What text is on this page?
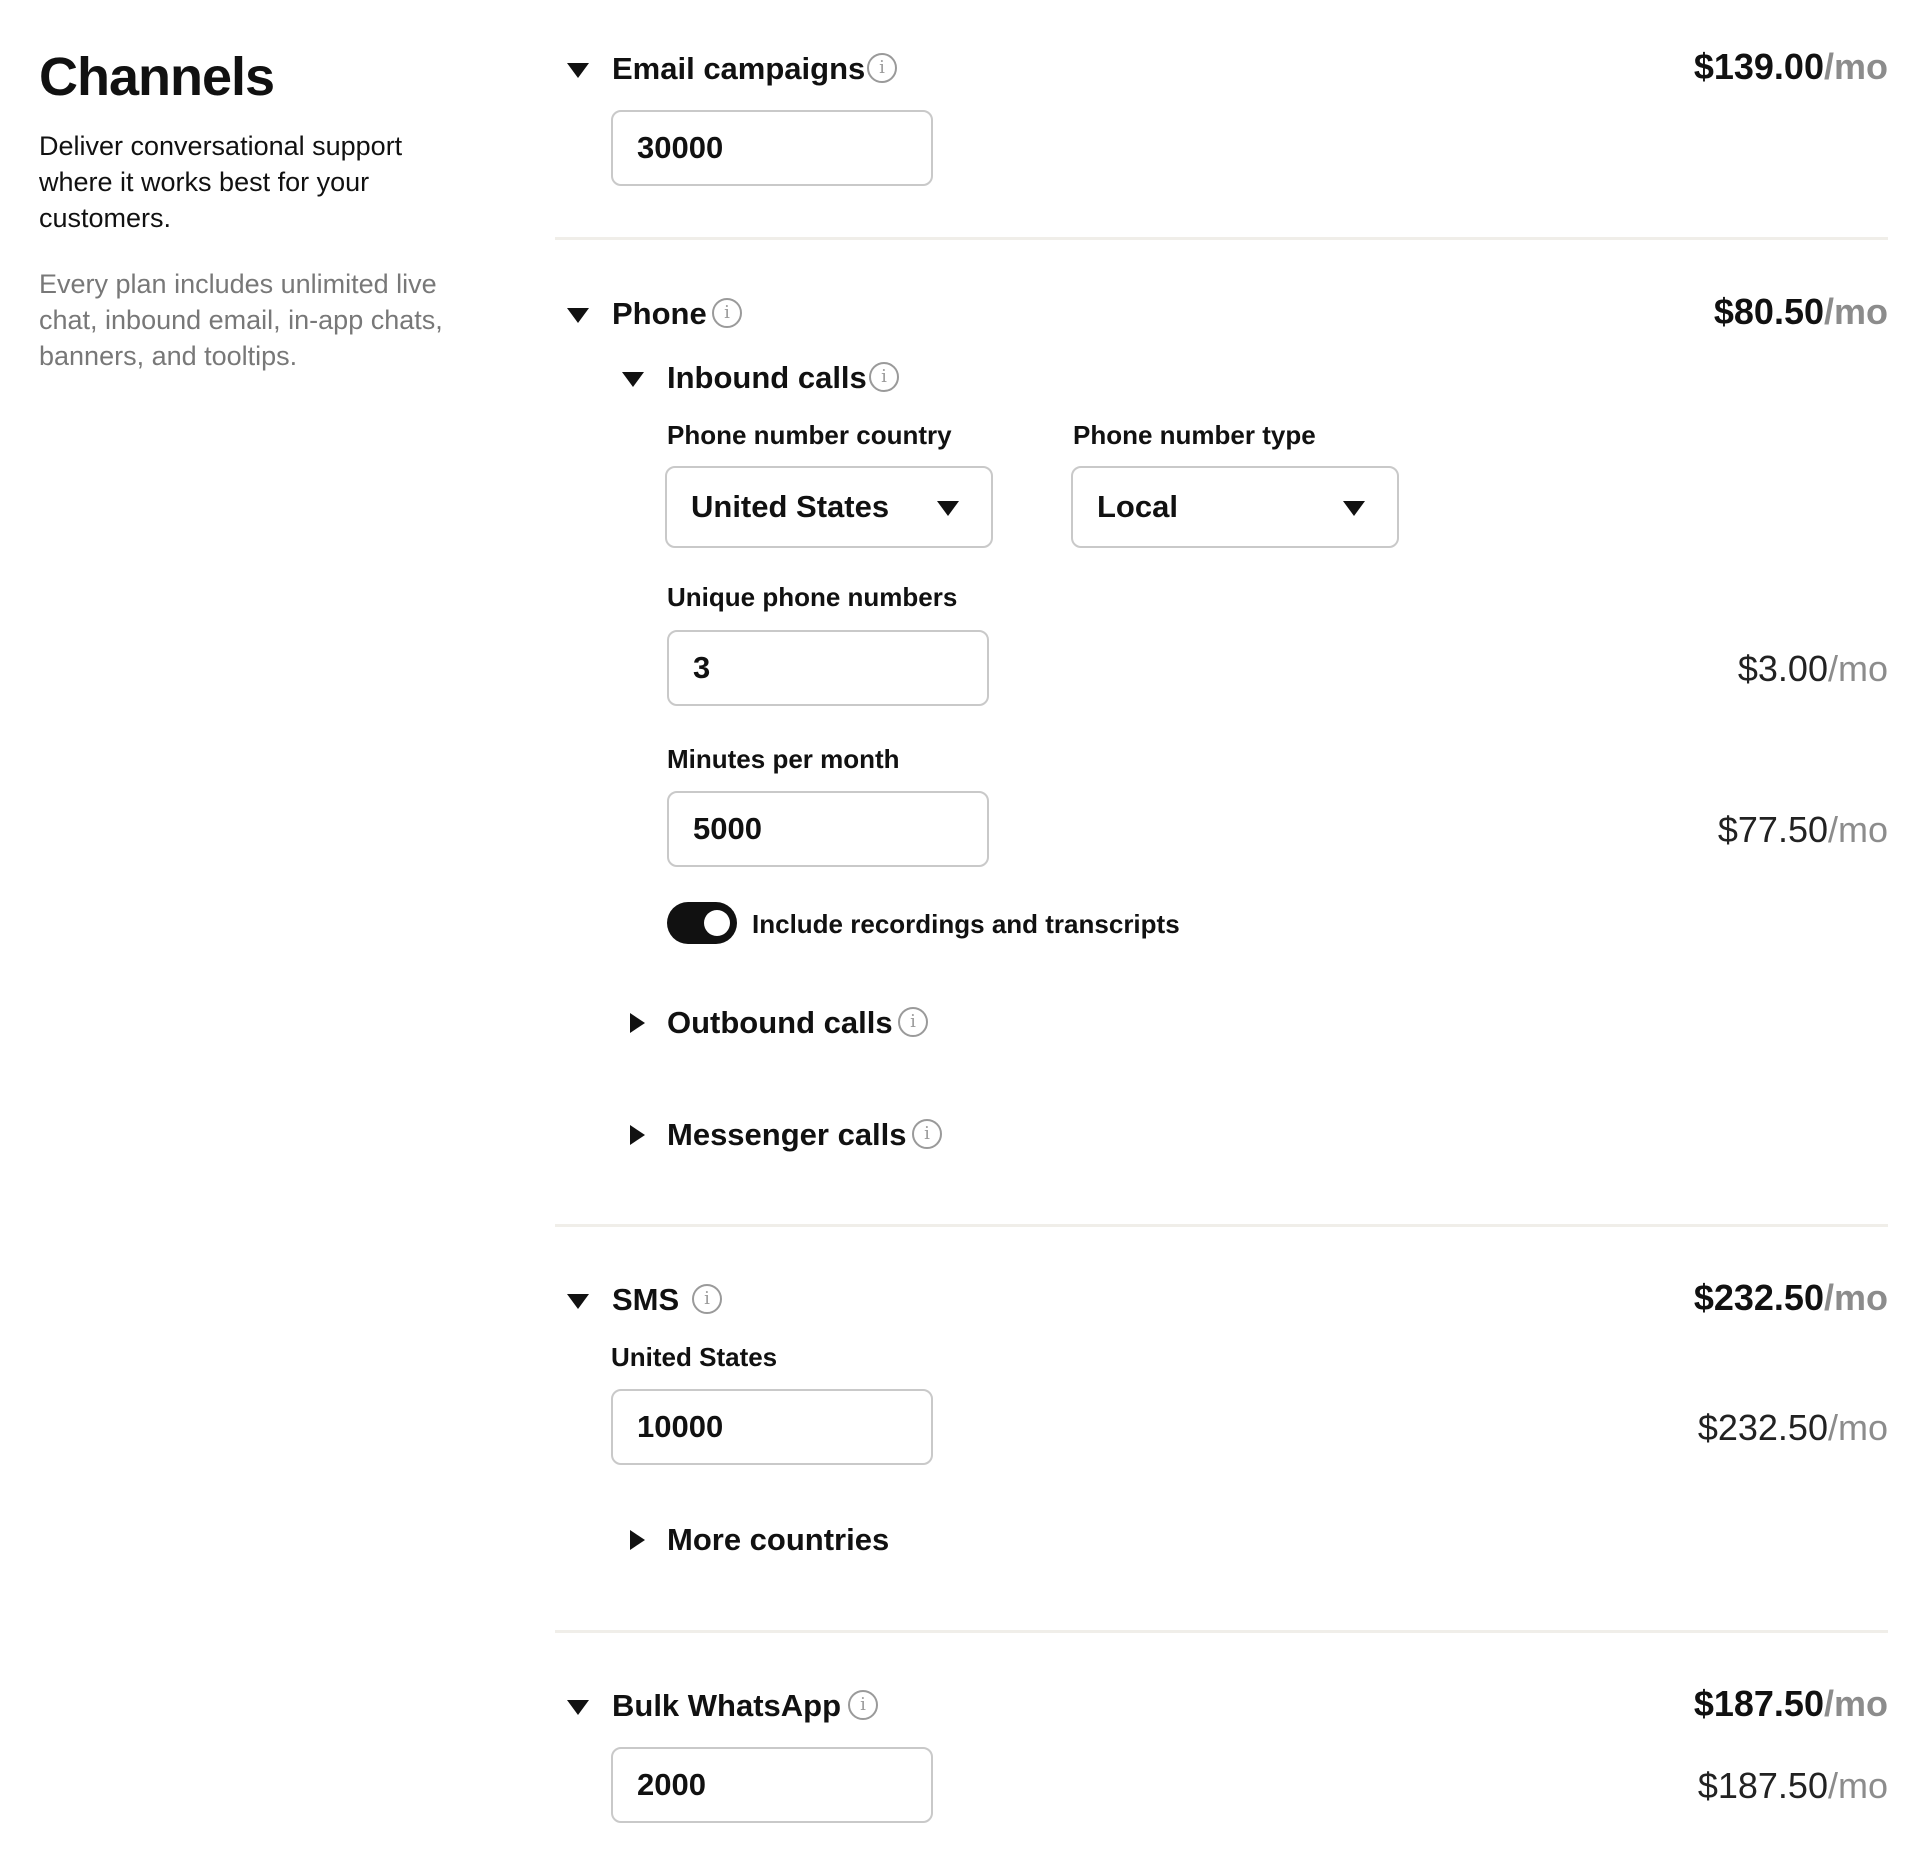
Channels

Deliver conversational support where it works best for your customers.

Every plan includes unlimited live chat, inbound email, in-app chats, banners, and tooltips.

Email campaigns i	$139.00/mo
30000
Phone i	$80.50/mo
Inbound calls i
Phone number country	Phone number type
United States	Local
Unique phone numbers
3	$3.00/mo
Minutes per month
5000	$77.50/mo
Include recordings and transcripts
Outbound calls i
Messenger calls i
SMS	i	$232.50/mo
United States
10000	$232.50/mo
More countries
Bulk WhatsApp	i	$187.50/mo
2000	$187.50/mo
